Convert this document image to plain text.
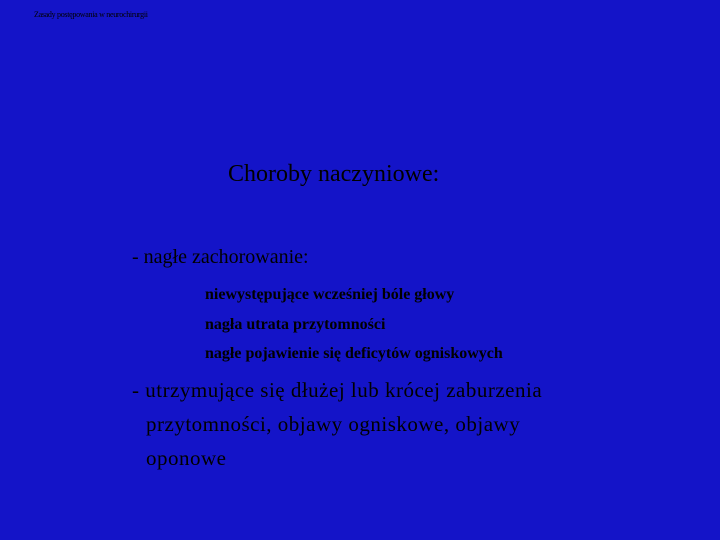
Zasady postępowania w neurochirurgii
Choroby naczyniowe:
- nagłe zachorowanie:
niewystępujące wcześniej bóle głowy
nagła utrata przytomności
nagłe pojawienie się deficytów ogniskowych
- utrzymujące się dłużej lub krócej zaburzenia
przytomności, objawy ogniskowe, objawy
oponowe
